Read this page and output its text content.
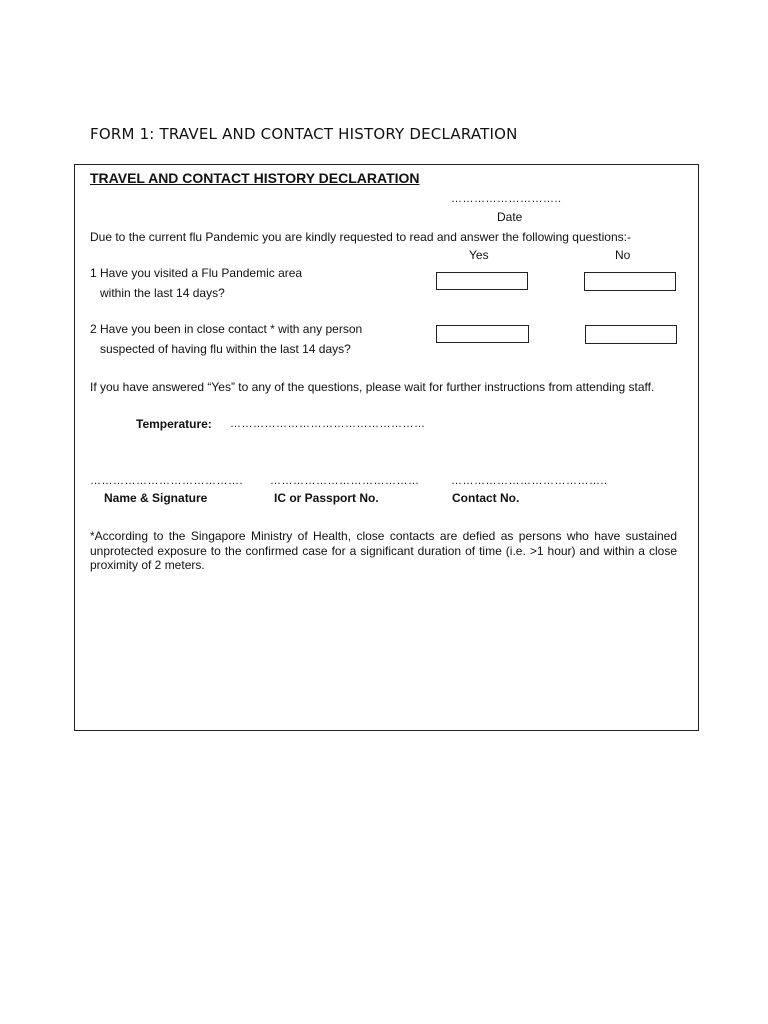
FORM 1: TRAVEL AND CONTACT HISTORY DECLARATION
TRAVEL AND CONTACT HISTORY DECLARATION
………………………..
Date
Due to the current flu Pandemic you are kindly requested to read and answer the following questions:-
Yes	No
1 Have you visited a Flu Pandemic area
within the last 14 days?
2 Have you been in close contact * with any person
suspected of having flu within the last 14 days?
If you have answered “Yes” to any of the questions, please wait for further instructions from attending staff.
Temperature: ……………………………………………
…………………………………. …………………………………	…………………………………..
Name & Signature	IC or Passport No.	Contact No.
*According to the Singapore Ministry of Health, close contacts are defied as persons who have sustained unprotected exposure to the confirmed case for a significant duration of time (i.e. >1 hour) and within a close proximity of 2 meters.
